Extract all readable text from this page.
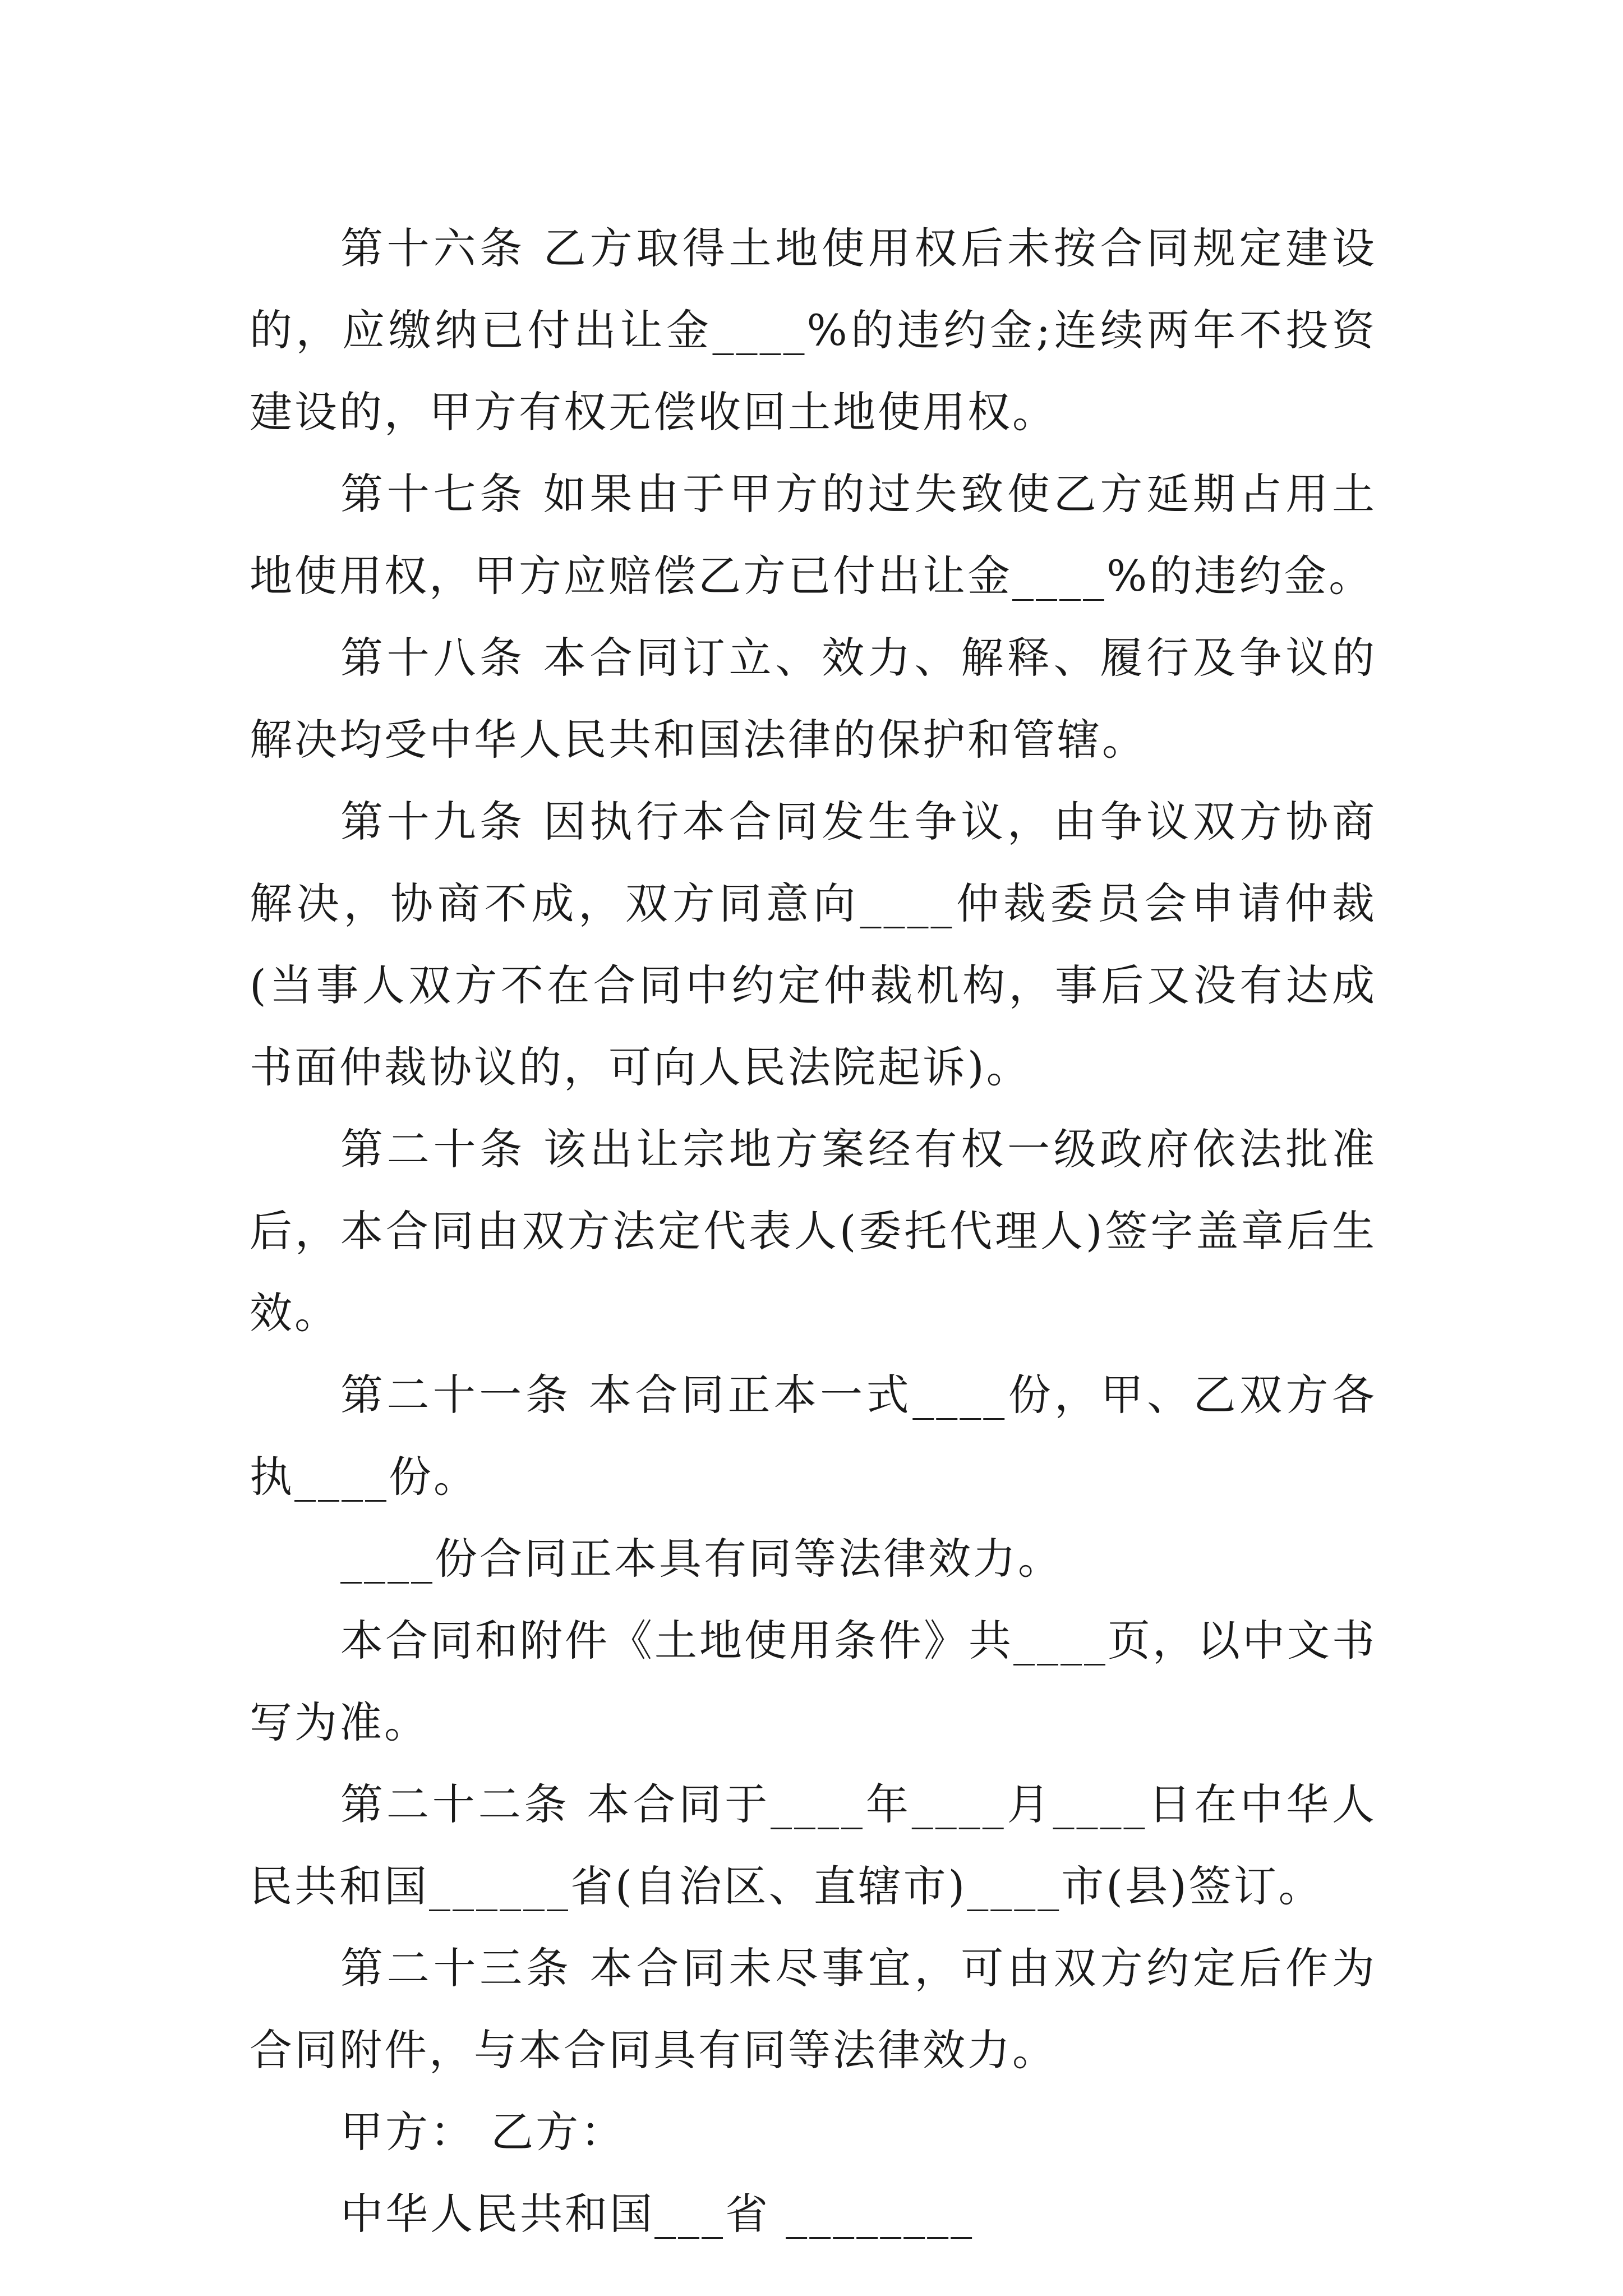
第十六条 乙方取得土地使用权后未按合同规定建设的，应缴纳已付出让金____%的违约金;连续两年不投资建设的，甲方有权无偿收回土地使用权。

第十七条 如果由于甲方的过失致使乙方延期占用土地使用权，甲方应赔偿乙方已付出让金____%的违约金。

第十八条 本合同订立、效力、解释、履行及争议的解决均受中华人民共和国法律的保护和管辖。

第十九条 因执行本合同发生争议，由争议双方协商解决，协商不成，双方同意向____仲裁委员会申请仲裁(当事人双方不在合同中约定仲裁机构，事后又没有达成书面仲裁协议的，可向人民法院起诉)。

第二十条 该出让宗地方案经有权一级政府依法批准后，本合同由双方法定代表人(委托代理人)签字盖章后生效。

第二十一条 本合同正本一式____份，甲、乙双方各执____份。

____份合同正本具有同等法律效力。

本合同和附件《土地使用条件》共____页，以中文书写为准。

第二十二条 本合同于____年____月____日在中华人民共和国______省(自治区、直辖市)____市(县)签订。

第二十三条 本合同未尽事宜，可由双方约定后作为合同附件，与本合同具有同等法律效力。

甲方： 乙方：

中华人民共和国___省 ________
